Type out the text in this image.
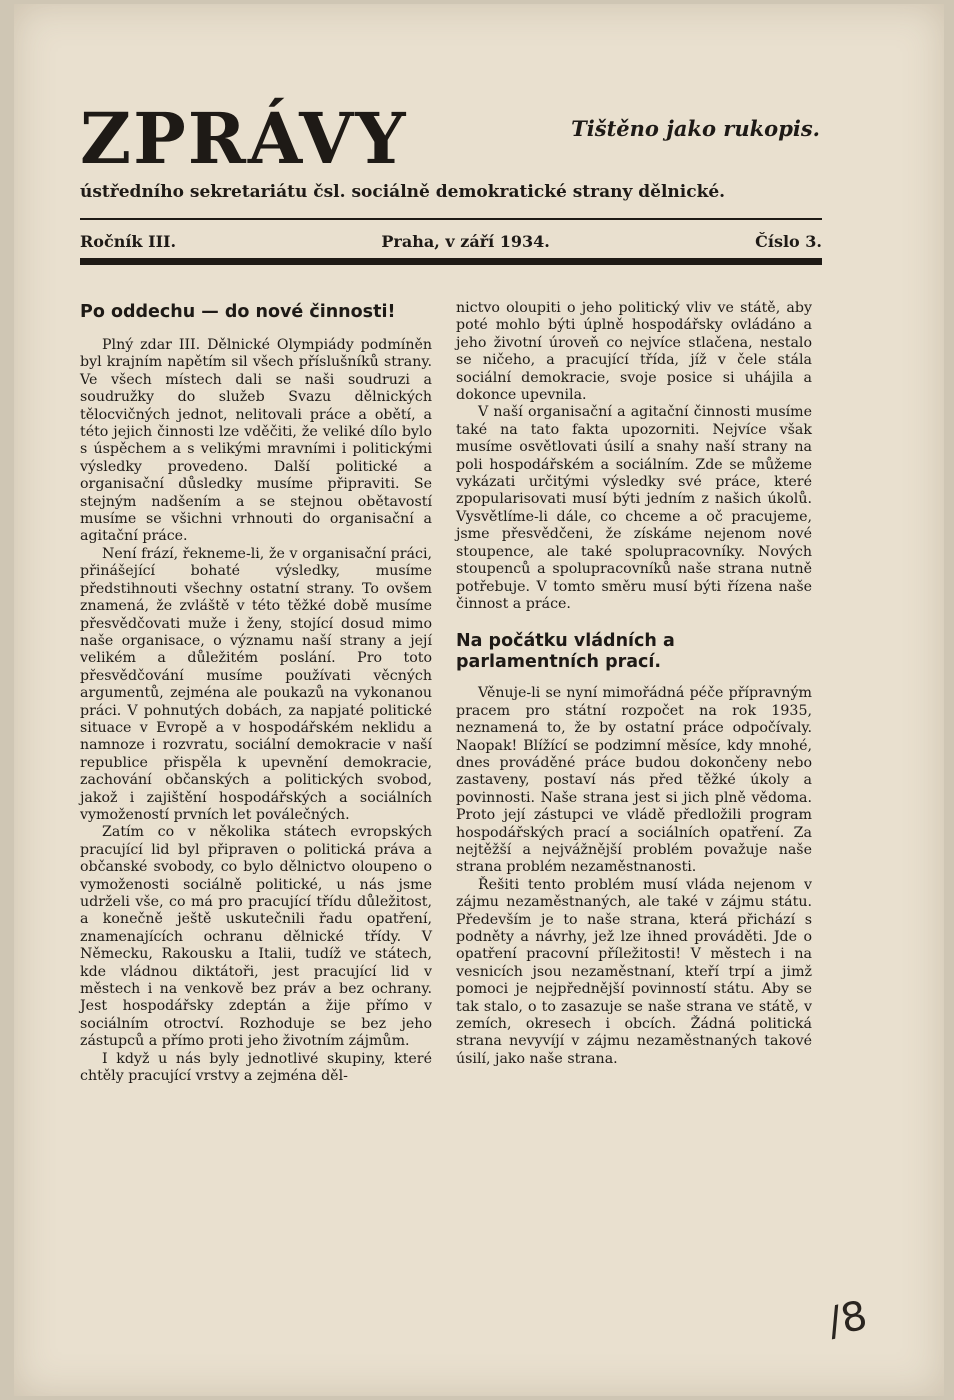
ZPRÁVY	Tištěno jako rukopis.
ústředního sekretariátu čsl. sociálně demokratické strany dělnické.
Ročník III.	Praha, v září 1934.	Číslo 3.
Po oddechu — do nové činnosti!

Plný zdar III. Dělnické Olympiády podmíněn byl krajním napětím sil všech příslušníků strany. Ve všech místech dali se naši soudruzi a soudružky do služeb Svazu dělnických tělocvičných jednot, nelitovali práce a obětí, a této jejich činnosti lze vděčiti, že veliké dílo bylo s úspěchem a s velikými mravními i politickými výsledky provedeno. Další politické a organisační důsledky musíme připraviti. Se stejným nadšením a se stejnou obětavostí musíme se všichni vrhnouti do organisační a agitační práce.

Není frází, řekneme-li, že v organisační práci, přinášející bohaté výsledky, musíme předstihnouti všechny ostatní strany. To ovšem znamená, že zvláště v této těžké době musíme přesvědčovati muže i ženy, stojící dosud mimo naše organisace, o významu naší strany a její velikém a důležitém poslání. Pro toto přesvědčování musíme používati věcných argumentů, zejména ale poukazů na vykonanou práci. V pohnutých dobách, za napjaté politické situace v Evropě a v hospodářském neklidu a namnoze i rozvratu, sociální demokracie v naší republice přispěla k upevnění demokracie, zachování občanských a politických svobod, jakož i zajištění hospodářských a sociálních vymožeností prvních let poválečných.

Zatím co v několika státech evropských pracující lid byl připraven o politická práva a občanské svobody, co bylo dělnictvo oloupeno o vymoženosti sociálně politické, u nás jsme udrželi vše, co má pro pracující třídu důležitost, a konečně ještě uskutečnili řadu opatření, znamenajících ochranu dělnické třídy. V Německu, Rakousku a Italii, tudíž ve státech, kde vládnou diktátoři, jest pracující lid v městech i na venkově bez práv a bez ochrany. Jest hospodářsky zdeptán a žije přímo v sociálním otroctví. Rozhoduje se bez jeho zástupců a přímo proti jeho životním zájmům.

I když u nás byly jednotlivé skupiny, které chtěly pracující vrstvy a zejména děl-

nictvo oloupiti o jeho politický vliv ve státě, aby poté mohlo býti úplně hospodářsky ovládáno a jeho životní úroveň co nejvíce stlačena, nestalo se ničeho, a pracující třída, jíž v čele stála sociální demokracie, svoje posice si uhájila a dokonce upevnila.

V naší organisační a agitační činnosti musíme také na tato fakta upozorniti. Nejvíce však musíme osvětlovati úsilí a snahy naší strany na poli hospodářském a sociálním. Zde se můžeme vykázati určitými výsledky své práce, které zpopularisovati musí býti jedním z našich úkolů. Vysvětlíme-li dále, co chceme a oč pracujeme, jsme přesvědčeni, že získáme nejenom nové stoupence, ale také spolupracovníky. Nových stoupenců a spolupracovníků naše strana nutně potřebuje. V tomto směru musí býti řízena naše činnost a práce.

Na počátku vládních a parlamentních prací.

Věnuje-li se nyní mimořádná péče přípravným pracem pro státní rozpočet na rok 1935, neznamená to, že by ostatní práce odpočívaly. Naopak! Blížící se podzimní měsíce, kdy mnohé, dnes prováděné práce budou dokončeny nebo zastaveny, postaví nás před těžké úkoly a povinnosti. Naše strana jest si jich plně vědoma. Proto její zástupci ve vládě předložili program hospodářských prací a sociálních opatření. Za nejtěžší a nejvážnější problém považuje naše strana problém nezaměstnanosti.

Řešiti tento problém musí vláda nejenom v zájmu nezaměstnaných, ale také v zájmu státu. Především je to naše strana, která přichází s podněty a návrhy, jež lze ihned prováděti. Jde o opatření pracovní příležitosti! V městech i na vesnicích jsou nezaměstnaní, kteří trpí a jimž pomoci je nejpřednější povinností státu. Aby se tak stalo, o to zasazuje se naše strana ve státě, v zemích, okresech i obcích. Žádná politická strana nevyvíjí v zájmu nezaměstnaných takové úsilí, jako naše strana.

/8
